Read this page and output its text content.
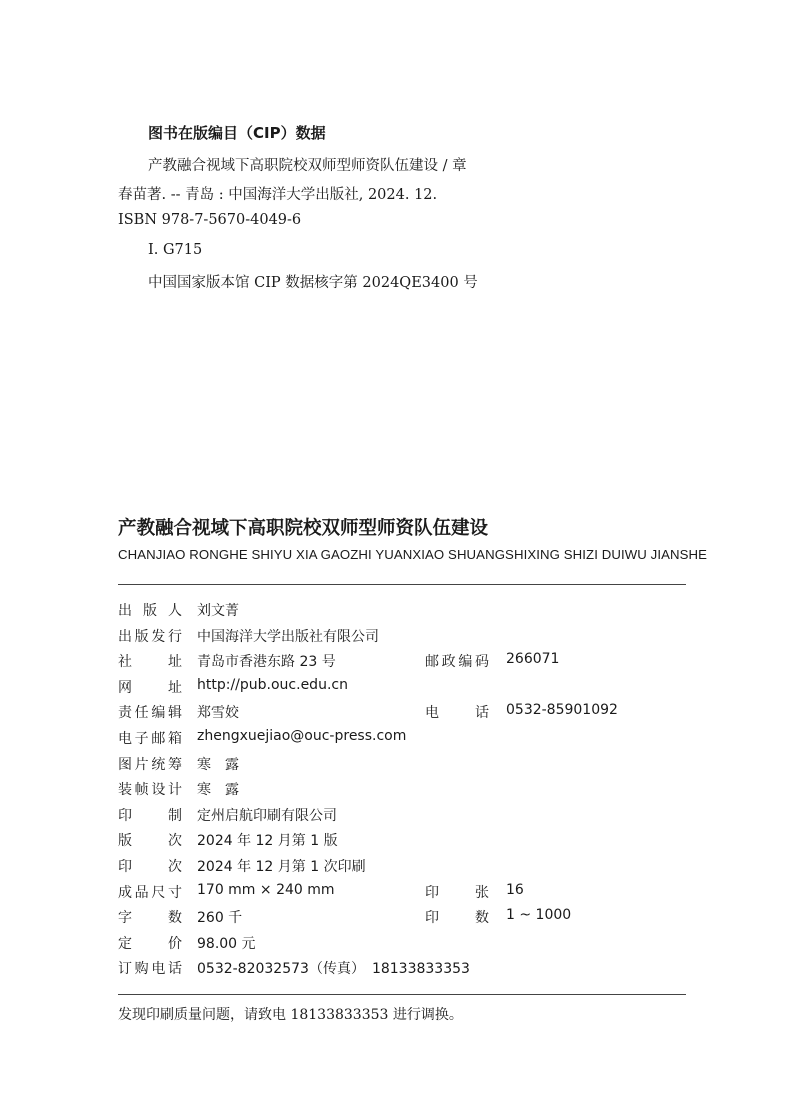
图书在版编目（CIP）数据
产教融合视域下高职院校双师型师资队伍建设 / 章
春苗著. -- 青岛 : 中国海洋大学出版社, 2024. 12.
ISBN 978-7-5670-4049-6
Ⅰ. G715
中国国家版本馆 CIP 数据核字第 2024QE3400 号
产教融合视域下高职院校双师型师资队伍建设
CHANJIAO RONGHE SHIYU XIA GAOZHI YUANXIAO SHUANGSHIXING SHIZI DUIWU JIANSHE
出版人 刘文菁
出版发行 中国海洋大学出版社有限公司
社址 青岛市香港东路 23 号	邮政编码 266071
网址 http://pub.ouc.edu.cn
责任编辑 郑雪姣	电话 0532-85901092
电子邮箱 zhengxuejiao@ouc-press.com
图片统筹 寒　露
装帧设计 寒　露
印制 定州启航印刷有限公司
版次 2024 年 12 月第 1 版
印次 2024 年 12 月第 1 次印刷
成品尺寸 170 mm × 240 mm	印张 16
字数 260 千	印数 1 ~ 1000
定价 98.00 元
订购电话 0532-82032573（传真）　18133833353
发现印刷质量问题，请致电 18133833353 进行调换。
